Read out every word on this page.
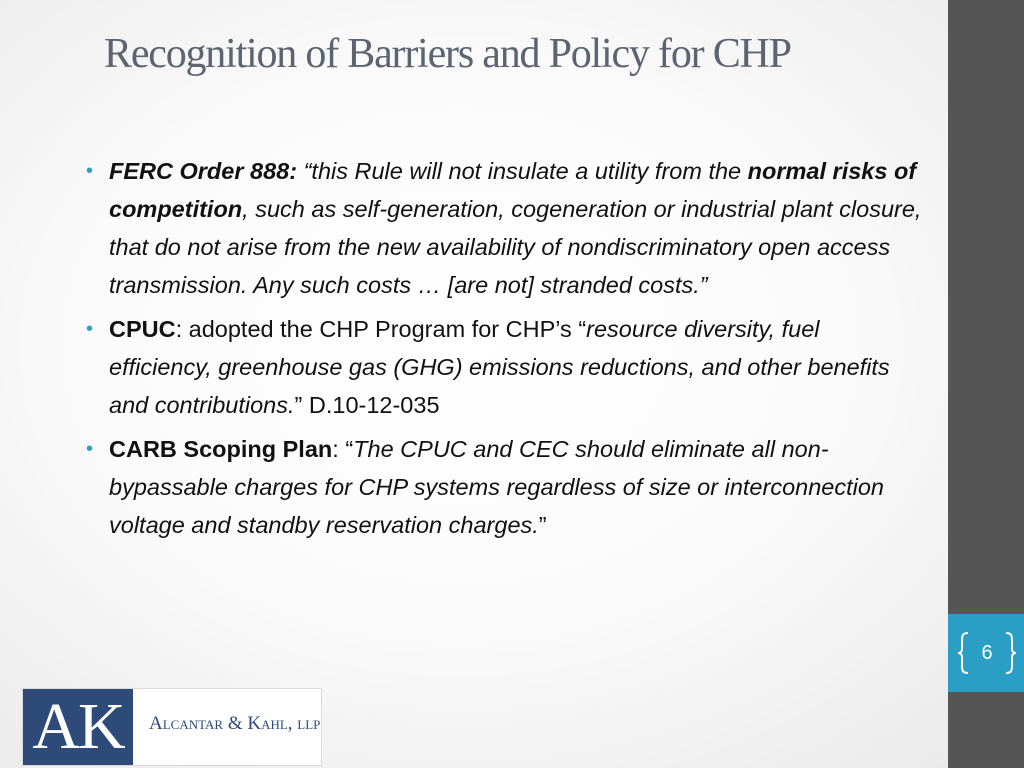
Recognition of Barriers and Policy for CHP
• FERC Order 888: “this Rule will not insulate a utility from the normal risks of competition, such as self-generation, cogeneration or industrial plant closure, that do not arise from the new availability of nondiscriminatory open access transmission. Any such costs … [are not] stranded costs.”
• CPUC: adopted the CHP Program for CHP’s “resource diversity, fuel efficiency, greenhouse gas (GHG) emissions reductions, and other benefits and contributions.” D.10-12-035
• CARB Scoping Plan: “The CPUC and CEC should eliminate all non-bypassable charges for CHP systems regardless of size or interconnection voltage and standby reservation charges.”
AK	Alcantar & Kahl, llp
6
